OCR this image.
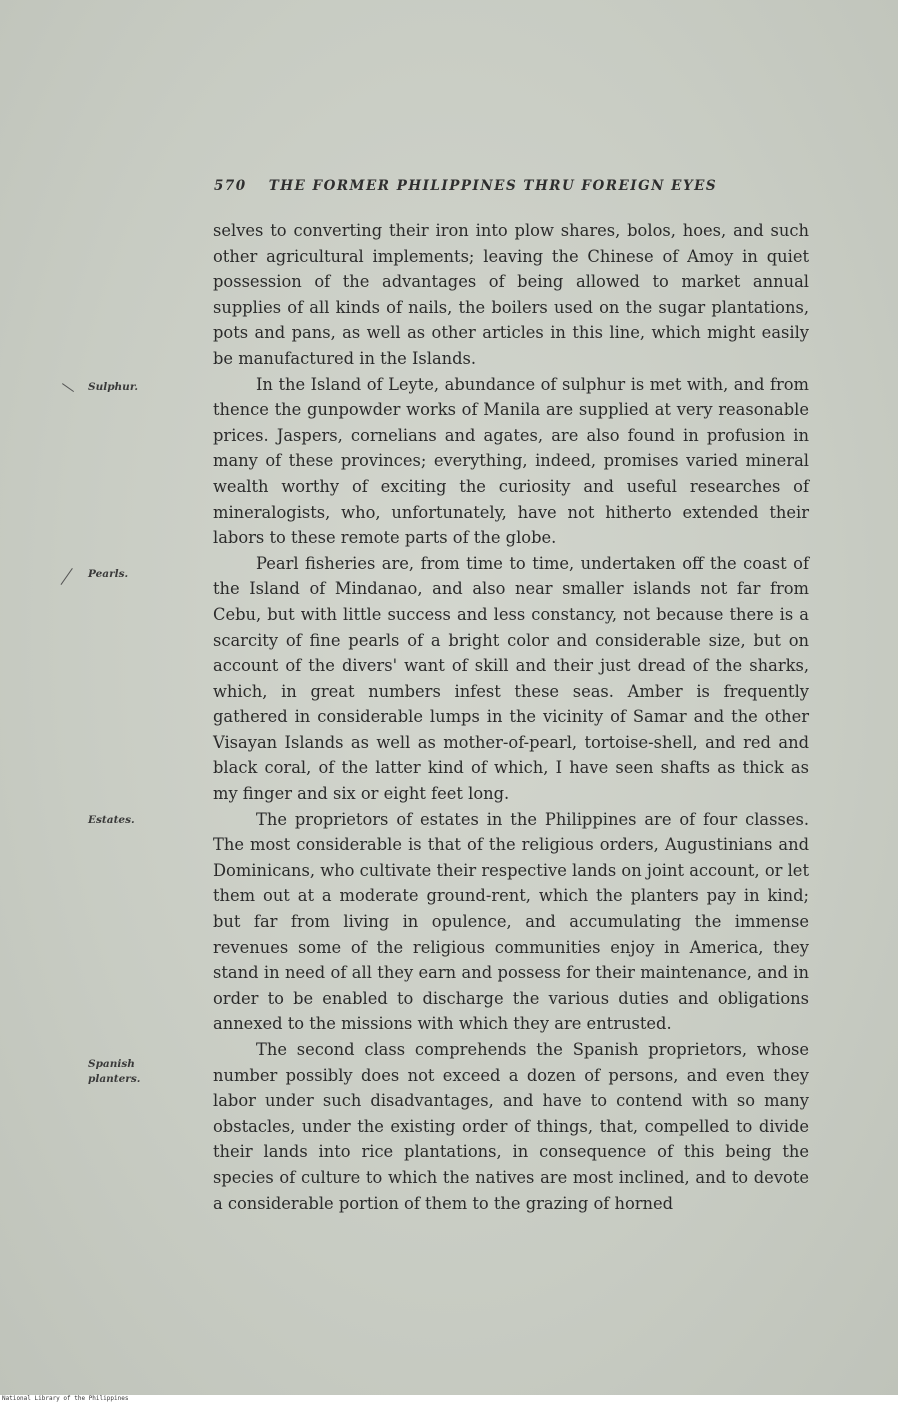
570 THE FORMER PHILIPPINES THRU FOREIGN EYES
Sulphur.
Pearls.
Estates.
Spanish
planters.

selves to converting their iron into plow shares, bolos, hoes, and such other agricultural implements; leaving the Chinese of Amoy in quiet possession of the advantages of being allowed to market annual supplies of all kinds of nails, the boilers used on the sugar plantations, pots and pans, as well as other articles in this line, which might easily be manufactured in the Islands.

In the Island of Leyte, abundance of sulphur is met with, and from thence the gunpowder works of Manila are supplied at very reasonable prices. Jaspers, cornelians and agates, are also found in profusion in many of these provinces; everything, indeed, promises varied mineral wealth worthy of exciting the curiosity and useful researches of mineralogists, who, unfortunately, have not hitherto extended their labors to these remote parts of the globe.

Pearl fisheries are, from time to time, undertaken off the coast of the Island of Mindanao, and also near smaller islands not far from Cebu, but with little success and less constancy, not because there is a scarcity of fine pearls of a bright color and considerable size, but on account of the divers' want of skill and their just dread of the sharks, which, in great numbers infest these seas. Amber is frequently gathered in considerable lumps in the vicinity of Samar and the other Visayan Islands as well as mother-of-pearl, tortoise-shell, and red and black coral, of the latter kind of which, I have seen shafts as thick as my finger and six or eight feet long.

The proprietors of estates in the Philippines are of four classes. The most considerable is that of the religious orders, Augustinians and Dominicans, who cultivate their respective lands on joint account, or let them out at a moderate ground-rent, which the planters pay in kind; but far from living in opulence, and accumulating the immense revenues some of the religious communities enjoy in America, they stand in need of all they earn and possess for their maintenance, and in order to be enabled to discharge the various duties and obligations annexed to the missions with which they are entrusted.

The second class comprehends the Spanish proprietors, whose number possibly does not exceed a dozen of persons, and even they labor under such disadvantages, and have to contend with so many obstacles, under the existing order of things, that, compelled to divide their lands into rice plantations, in consequence of this being the species of culture to which the natives are most inclined, and to devote a considerable portion of them to the grazing of horned

National Library of the Philippines
